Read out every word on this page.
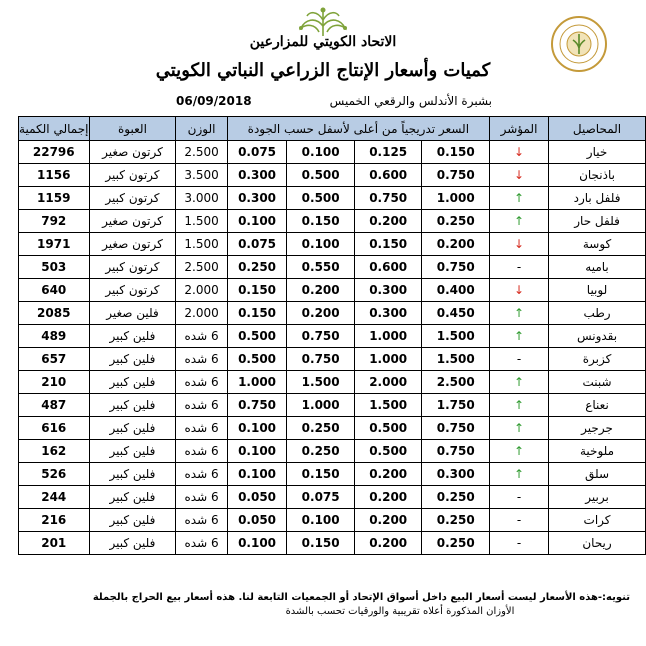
الاتحاد الكويتي للمزارعين
كميات وأسعار الإنتاج الزراعي النباتي الكويتي
06/09/2018	بشبرة الأندلس والرقعي الخميس
المحاصيل	المؤشر	السعر تدريجياً من أعلى لأسفل حسب الجودة				الوزن	العبوة	إجمالي الكمية
خيار	↓	0.150	0.125	0.100	0.075	2.500	كرتون صغير	22796
باذنجان	↓	0.750	0.600	0.500	0.300	3.500	كرتون كبير	1156
فلفل بارد	↑	1.000	0.750	0.500	0.300	3.000	كرتون كبير	1159
فلفل حار	↑	0.250	0.200	0.150	0.100	1.500	كرتون صغير	792
كوسة	↓	0.200	0.150	0.100	0.075	1.500	كرتون صغير	1971
باميه	-	0.750	0.600	0.550	0.250	2.500	كرتون كبير	503
لوبيا	↓	0.400	0.300	0.200	0.150	2.000	كرتون كبير	640
رطب	↑	0.450	0.300	0.200	0.150	2.000	فلين صغير	2085
بقدونس	↑	1.500	1.000	0.750	0.500	6 شده	فلين كبير	489
كزبرة	-	1.500	1.000	0.750	0.500	6 شده	فلين كبير	657
شبنت	↑	2.500	2.000	1.500	1.000	6 شده	فلين كبير	210
نعناع	↑	1.750	1.500	1.000	0.750	6 شده	فلين كبير	487
جرجير	↑	0.750	0.500	0.250	0.100	6 شده	فلين كبير	616
ملوخية	↑	0.750	0.500	0.250	0.100	6 شده	فلين كبير	162
سلق	↑	0.300	0.200	0.150	0.100	6 شده	فلين كبير	526
بربير	-	0.250	0.200	0.075	0.050	6 شده	فلين كبير	244
كرات	-	0.250	0.200	0.100	0.050	6 شده	فلين كبير	216
ريحان	-	0.250	0.200	0.150	0.100	6 شده	فلين كبير	201
تنويه:-هذه الأسعار ليست أسعار البيع داخل أسواق الإتحاد أو الجمعيات التابعة لنا. هذه أسعار بيع الحراج بالجملة
الأوزان المذكورة أعلاه تقريبية والورقيات تحسب بالشدة
